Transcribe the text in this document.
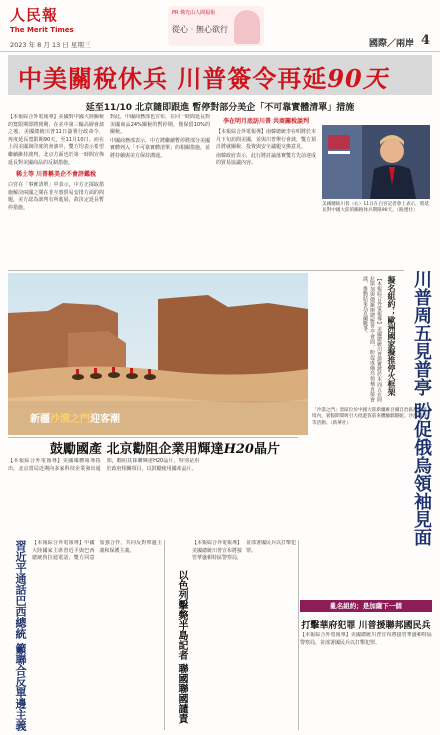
人民報
The Merit Times
2023 年 8 月 13 日 星期三
PR 佛光山人間福報
從心‧無心欲行
國際／兩岸 4
中美關稅休兵 川普簽令再延90天
延至11/10 北京隨即跟進 暫停對部分美企「不可靠實體清單」措施

【本報綜合外電報導】美國對中國大陸關稅的寬限期即將到期，在美中第三輪高層會談之後，美國總統川普11日簽署行政命令，再度延長寬限期90天，至11月10日。而在上周美國與印度的會談中，雙方均表示希望繼續維持談判，北京方面也於第一時間宣佈延長對美國商品的反制措施。

稀土等 川普稱美企不會評鑑稅

白宮在「事實清單」中表示，中方正採取措施解決兩國之間在非互惠貿易安排方面的問題，美方認為談判有所進展，故決定延長暫停措施。

對此，中國商務部也宣布，在同一時間延長對美國商品24%關稅的暫停期，僅保留10%的關稅。

中國商務部表示，中方將繼續暫停將部分美國實體列入「不可靠實體清單」的相關措施，並將持續與美方保持溝通。

李在明月底訪川普 共商關稅談判

【本報綜合外電報導】南韓總統李在明將於本月下旬訪問美國，並與川普舉行會談，雙方預計將就關稅、投資與安全議題交換意見。

南韓政府表示，此行將討論落實雙方先前達成的貿易協議內容。

美國總統川普（右）11日在白宮記者會上表示，將延長對中國大陸的關稅休兵期限90天。（路透社）
新疆沙漠之門迎客潮
「沙漠之門」景區位於中國大陸新疆維吾爾自治區鄯善縣境內，暑假期間吸引大批遊客前來體驗騎駱駝、沙漠越野等活動。（新華社）	川普周五見普亭 盼促俄烏領袖見面
擬名組約；歐洲國家擬推停火框架
【本報綜合外電報導】美國總統川普證實將於本周五在阿拉斯加與俄羅斯總統普亭會面，盼促成俄烏領袖直接會談，推動結束烏克蘭戰爭。
鼓勵國產 北京勸阻企業用輝達H20晶片
【本報綜合外電報導】美國媒體報導指出，北京當局近期向多家科技企業發出通知，勸阻其採購輝達H20晶片，特別是用於政府相關項目，以鼓勵使用國產晶片。
習近平通話巴西總統 籲聯合反單邊主義 【本報綜合外電報導】中國大陸國家主席習近平與巴西總統魯拉通電話，雙方同意加強合作，共同反對單邊主義和保護主義。
以色列擊斃半島記者 聯國聯國譴責
【本報綜合外電報導】美國總統川普宣布將接管華盛頓特區警察局，並部署國民兵以打擊犯罪。
亂名組約；是加薩下一個
打擊華府犯罪 川普援聯邦國民兵
【本報綜合外電報導】美國總統川普宣布將接管華盛頓特區警察局，並部署國民兵以打擊犯罪。
